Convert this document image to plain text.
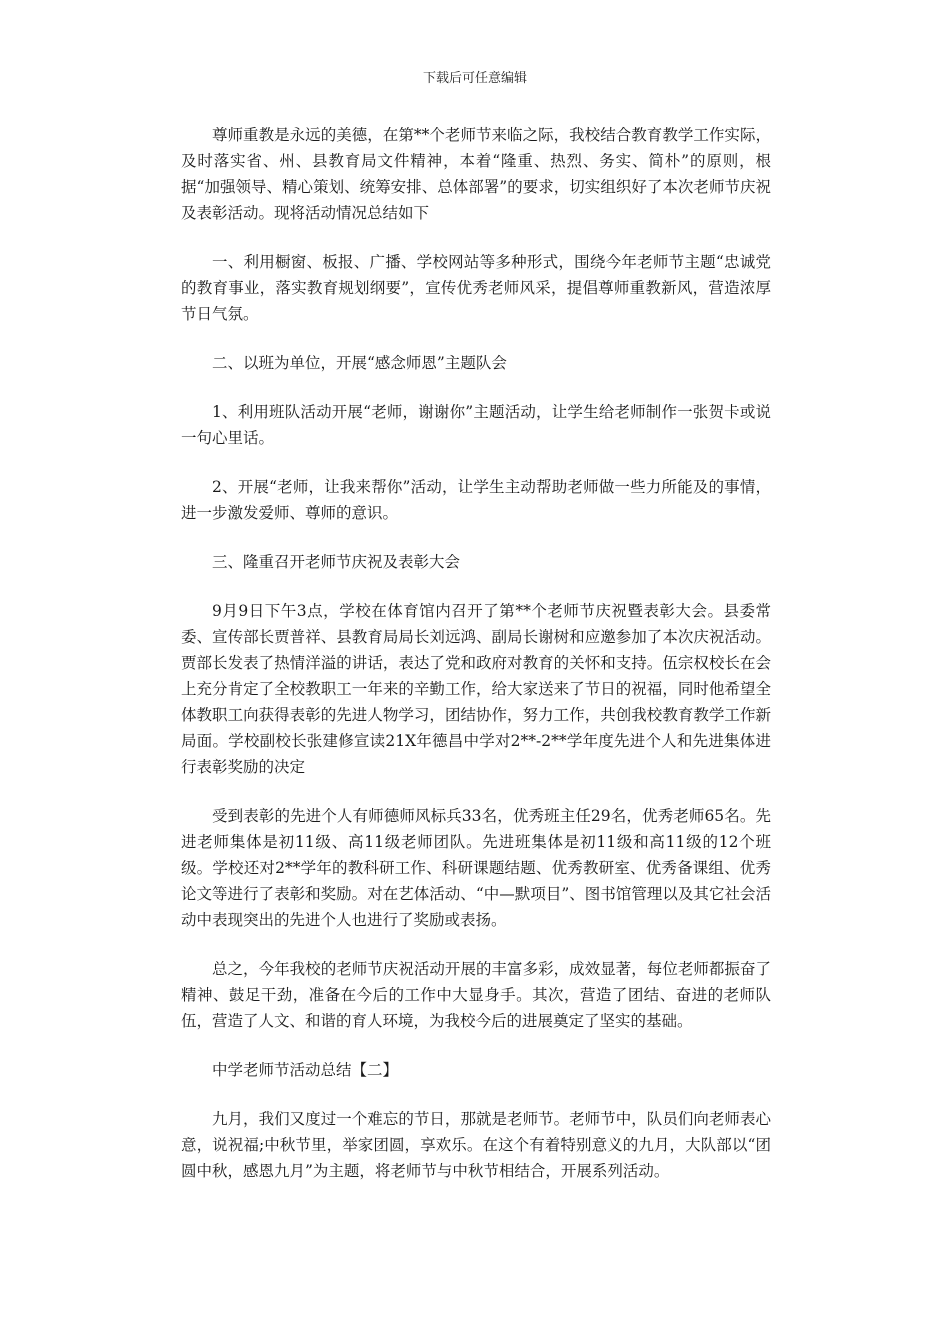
下载后可任意编辑

尊师重教是永远的美德，在第**个老师节来临之际，我校结合教育教学工作实际，及时落实省、州、县教育局文件精神，本着“隆重、热烈、务实、简朴”的原则，根据“加强领导、精心策划、统筹安排、总体部署”的要求，切实组织好了本次老师节庆祝及表彰活动。现将活动情况总结如下

一、利用橱窗、板报、广播、学校网站等多种形式，围绕今年老师节主题“忠诚党的教育事业，落实教育规划纲要”，宣传优秀老师风采，提倡尊师重教新风，营造浓厚节日气氛。

二、以班为单位，开展“感念师恩”主题队会

1、利用班队活动开展“老师，谢谢你”主题活动，让学生给老师制作一张贺卡或说一句心里话。

2、开展“老师，让我来帮你”活动，让学生主动帮助老师做一些力所能及的事情，进一步激发爱师、尊师的意识。

三、隆重召开老师节庆祝及表彰大会

9月9日下午3点，学校在体育馆内召开了第**个老师节庆祝暨表彰大会。县委常委、宣传部长贾普祥、县教育局局长刘远鸿、副局长谢树和应邀参加了本次庆祝活动。贾部长发表了热情洋溢的讲话，表达了党和政府对教育的关怀和支持。伍宗权校长在会上充分肯定了全校教职工一年来的辛勤工作，给大家送来了节日的祝福，同时他希望全体教职工向获得表彰的先进人物学习，团结协作，努力工作，共创我校教育教学工作新局面。学校副校长张建修宣读21X年德昌中学对2**-2**学年度先进个人和先进集体进行表彰奖励的决定

受到表彰的先进个人有师德师风标兵33名，优秀班主任29名，优秀老师65名。先进老师集体是初11级、高11级老师团队。先进班集体是初11级和高11级的12个班级。学校还对2**学年的教科研工作、科研课题结题、优秀教研室、优秀备课组、优秀论文等进行了表彰和奖励。对在艺体活动、“中—默项目”、图书馆管理以及其它社会活动中表现突出的先进个人也进行了奖励或表扬。

总之，今年我校的老师节庆祝活动开展的丰富多彩，成效显著，每位老师都振奋了精神、鼓足干劲，准备在今后的工作中大显身手。其次，营造了团结、奋进的老师队伍，营造了人文、和谐的育人环境，为我校今后的进展奠定了坚实的基础。

中学老师节活动总结【二】

九月，我们又度过一个难忘的节日，那就是老师节。老师节中，队员们向老师表心意，说祝福;中秋节里，举家团圆，享欢乐。在这个有着特别意义的九月，大队部以“团圆中秋，感恩九月”为主题，将老师节与中秋节相结合，开展系列活动。
